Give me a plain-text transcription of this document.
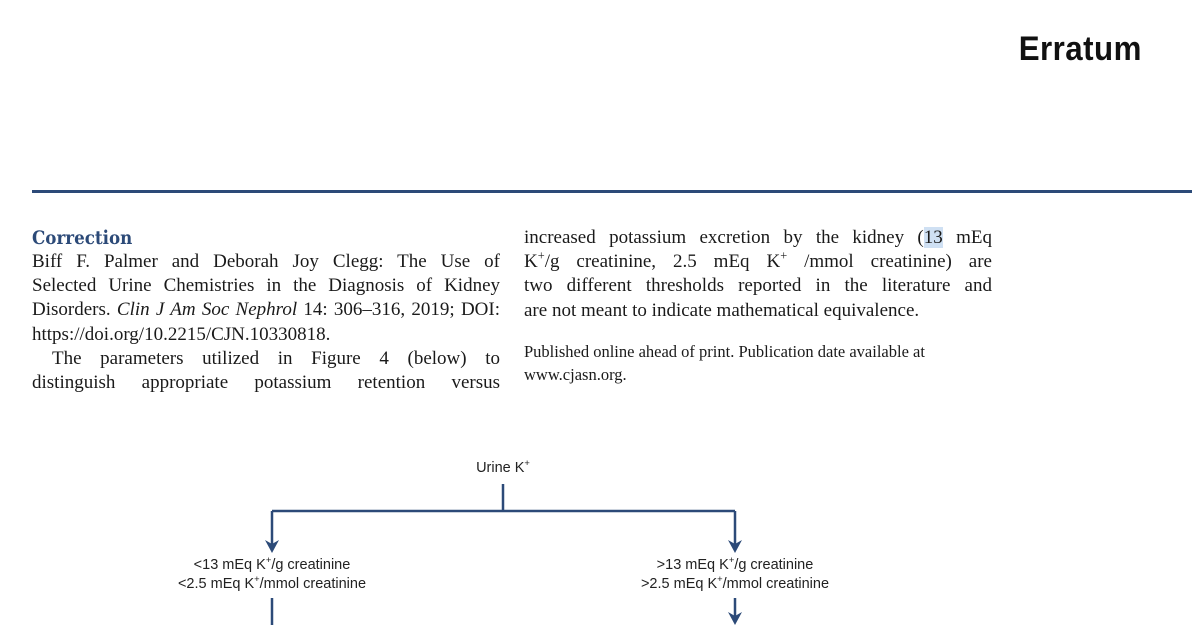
Erratum
Correction
Biff F. Palmer and Deborah Joy Clegg: The Use of
Selected Urine Chemistries in the Diagnosis of Kidney
Disorders. Clin J Am Soc Nephrol 14: 306–316, 2019; DOI:
https://doi.org/10.2215/CJN.10330818.
The parameters utilized in Figure 4 (below) to
distinguish appropriate potassium retention versus
increased potassium excretion by the kidney (13 mEq
K+/g creatinine, 2.5 mEq K+ /mmol creatinine) are
two different thresholds reported in the literature and
are not meant to indicate mathematical equivalence.
Published online ahead of print. Publication date available at
www.cjasn.org.
Urine K+
<13 mEq K+/g creatinine
<2.5 mEq K+/mmol creatinine
>13 mEq K+/g creatinine
>2.5 mEq K+/mmol creatinine
